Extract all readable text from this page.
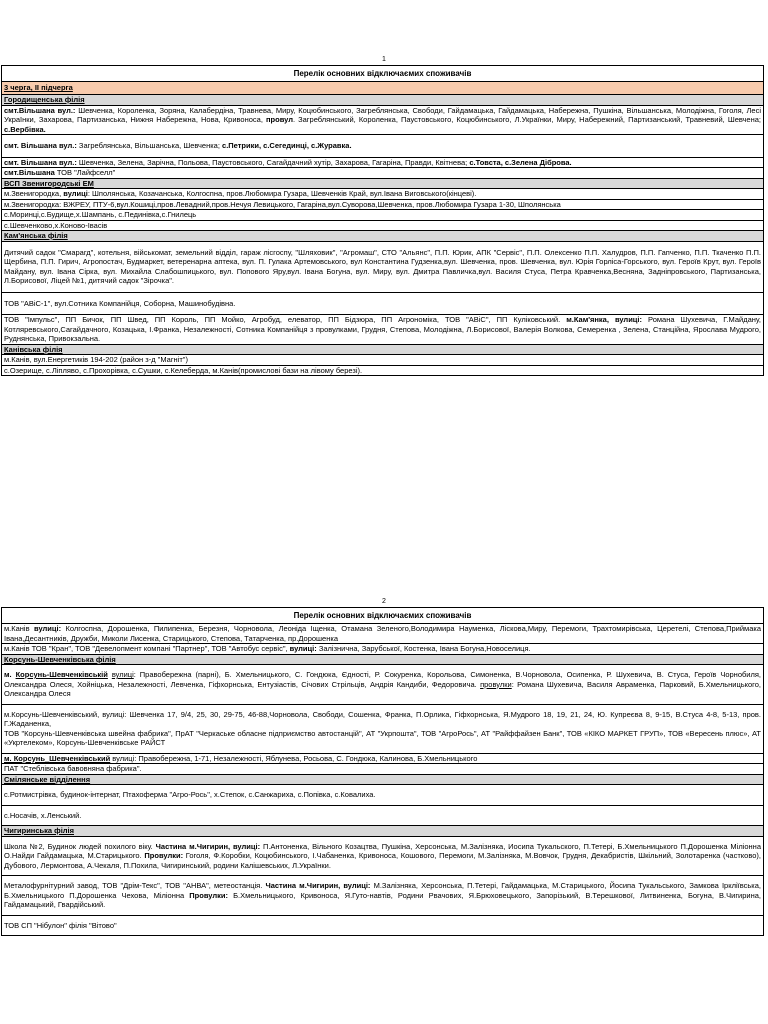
1
Перелік основних відключаємих споживачів
3 черга, ІІ підчерга
Городищенська філія
смт.Вільшана вул.: Шевченка, Короленка, Зоряна, Калабердіна, Травнева, Миру, Коцюбинського, Загреблянська, Свободи, Гайдамацька, Гайдамацька, Набережна, Пушкіна, Вільшанська, Молодіжна, Гоголя, Лесі Українки, Захарова, Партизанська, Нижня Набережна, Нова, Кривоноса, провул. Загреблянський, Короленка, Паустовського, Коцюбинського, Л.Українки, Миру, Набережний, Партизанський, Травневий, Шевчена; с.Вербівка.
смт. Вільшана вул.: Загреблянська, Вільшанська, Шевченка; с.Петрики, с.Сегединці, с.Журавка.
смт. Вільшана вул.: Шевченка, Зелена, Зарічна, Польова, Паустовського, Сагайдачний хутір, Захарова, Гагаріна, Правди, Квітнева; с.Товста, с.Зелена Діброва.
смт.Вільшана ТОВ "Лайфселл"
ВСП Звенигородські ЕМ
м.Звенигородка, вулиці: Шполянська, Козачанська, Колгоспна, пров.Любомира Гузара, Шевченків Край, вул.Івана Виговського(кінцеві).
м.Звенигородка: ВЖРЕУ, ПТУ-6,вул.Кошиці,пров.Левадний,пров.Нечуя Левицького, Гагаріна,вул.Суворова,Шевченка, пров.Любомира Гузара 1-30, Шполянська
с.Моринці,с.Будище,х.Шампань, с.Пединівка,с.Гнилець
с.Шевченково,х.Коново-Івасів
Кам'янська філія
Дитячий садок "Смарагд", котельня, військомат, земельний відділ, гараж лісгоспу, "Шляховик", "Агромаш", СТО "Альянс", П.П. Юрик, АПК "Сервіс", П.П. Олексенко П.П. Халудров, П.П. Гапченко, П.П. Ткаченко П.П. Щербина, П.П. Гирич, Агропостач, Будмаркет, ветеренарна аптека, вул. П. Гулака Артемовського, вул Константина Гудзенка,вул. Шевченка, пров. Шевченка, вул. Юрія Горліса-Горського, вул. Героїв Крут, вул. Героїв Майдану, вул. Івана Сірка, вул. Михайла Слабошпицького, вул. Попового Яру,вул. Івана Богуна, вул. Миру, вул. Дмитра Павличка,вул. Василя Стуса, Петра Кравченка,Весняна, Задніпровського, Партизанська, Л.Борисової, Ліцей №1, дитячий садок "Зірочка".
ТОВ "АВіС-1", вул.Сотника Компанійця, Соборна, Машинобудівна.
ТОВ "Імпульс", ПП Бичок, ПП Швед, ПП Король, ПП Мойко, Агробуд, елеватор, ПП Бідзюра, ПП Агрономіка, ТОВ "АВіС", ПП Куліковський. м.Кам'янка, вулиці: Романа Шухевича, Г.Майдану, Котляревського,Сагайдачного, Козацька, І.Франка, Незалежності, Сотника Компанійця з провулками, Грудня, Степова, Молодіжна, Л.Борисової, Валерія Волкова, Семеренка , Зелена, Станційна, Ярослава Мудрого, Руднянська, Привокзальна.
Канівська філія
м.Канів, вул.Енергетиків 194-202 (район з-д "Магніт")
с.Озерище, с.Ліпляво, с.Прохорівка, с.Сушки, с.Келеберда, м.Канів(промислові бази на лівому березі).
2
Перелік основних відключаємих споживачів
м.Канів вулиці: Колгоспна, Дорошенка, Пилипенка, Березня, Чорновола, Леоніда Іщенка, Отамана Зеленого,Володимира Науменка, Ліскова,Миру, Перемоги, Трахтомирівська, Церетелі, Степова,Приймака Івана,Десантників, Дружби, Миколи Лисенка, Старицького, Степова, Татарченка, пр.Дорошенка
м.Канів ТОВ "Кран", ТОВ "Девелопмент компані "Партнер", ТОВ "Автобус сервіс", вулиці: Залізнична, Зарубської, Костенка, Івана Богуна,Новоселиця.
Корсунь-Шевченківська філія
м. Корсунь-Шевченківській вулиці: Правобережна (парні), Б. Хмельницького, С. Гондюка, Єдності, Р. Сокуренка, Корольова, Симоненка, В.Чорновола, Осипенка, Р. Шухевича, В. Стуса, Героїв Чорнобиля, Олександра Олеся, Хойніцька, Незалежності, Левченка, Гіфхорнська, Ентузіастів, Січових Стрільців, Андрія Кандиби, Федоровича. провулки: Романа Шухевича, Василя Авраменка, Парковий, Б.Хмельницького, Олександра Олеся
м.Корсунь-Шевченківський, вулиці: Шевченка 17, 9/4, 25, 30, 29-75, 46-88,Чорновола, Свободи, Сошенка, Франка, П.Орлика, Гіфхорнська, Я.Мудрого 18, 19, 21, 24, Ю. Купреєва 8, 9-15, В.Стуса 4-8, 5-13, пров. Г.Жаданенка,
ТОВ "Корсунь-Шевченківська швейна фабрика", ПрАТ "Черкаське обласне підприємство автостанцій", АТ "Укрпошта", ТОВ "АгроРось", АТ "Райффайзен Банк", ТОВ «КІКО МАРКЕТ ГРУП», ТОВ «Вересень плюс», АТ «Укртелеком», Корсунь-Шевченківське РАЙСТ

м. Корсунь_Шевченківський вулиці: Правобережна, 1-71, Незалежності, Яблунева, Росьова, С. Гондюка, Калинова, Б.Хмельницького
ПАТ "Стеблівська бавовняна фабрика".
Смілянське відділення
с.Ротмистрівка, будинок-інтернат, Птахоферма "Агро-Рось", х.Степок, с.Санжариха, с.Попівка, с.Ковалиха.
с.Носачів, х.Ленський.
Чигиринська філія
Школа №2, Будинок людей похилого віку. Частина м.Чигирин, вулиці: П.Антоненка, Вільного Козацтва, Пушкіна, Херсонська, М.Залізняка, Иосипа Тукальского, П.Тетері, Б.Хмельницького П.Дорошенка Міліонна О.Найди Гайдамацька, М.Старицького. Провулки: Гоголя, Ф.Коробки, Коцюбинського, І.Чабаненка, Кривоноса, Кошового, Перемоги, М.Залізняка, М.Вовчок, Грудня, Декабристів, Шкільний, Золотаренка (частково), Дубового, Лермонтова, А.Чекаля, П.Похила, Чигиринський, родини Калішевських, Л.Українки.
Металофурнітурний завод, ТОВ "Дрім-Текс", ТОВ "АНВА", метеостанція. Частина м.Чигирин, вулиці: М.Залізняка, Херсонська, П.Тетері, Гайдамацька, М.Старицького, Йосипа Тукальського, Замкова Іркліївська, Б.Хмельницького П.Дорошенка Чехова, Міліонна Провулки: Б.Хмельницького, Кривоноса, Я.Гуто-навтів, Родини Рвачових, Я.Брюховецького, Запорізький, В.Терешкової, Литвиненка, Богуна, В.Чигирина, Гайдамацький, Гвардійський.
ТОВ СП "Нібулон" філія "Вітово"
